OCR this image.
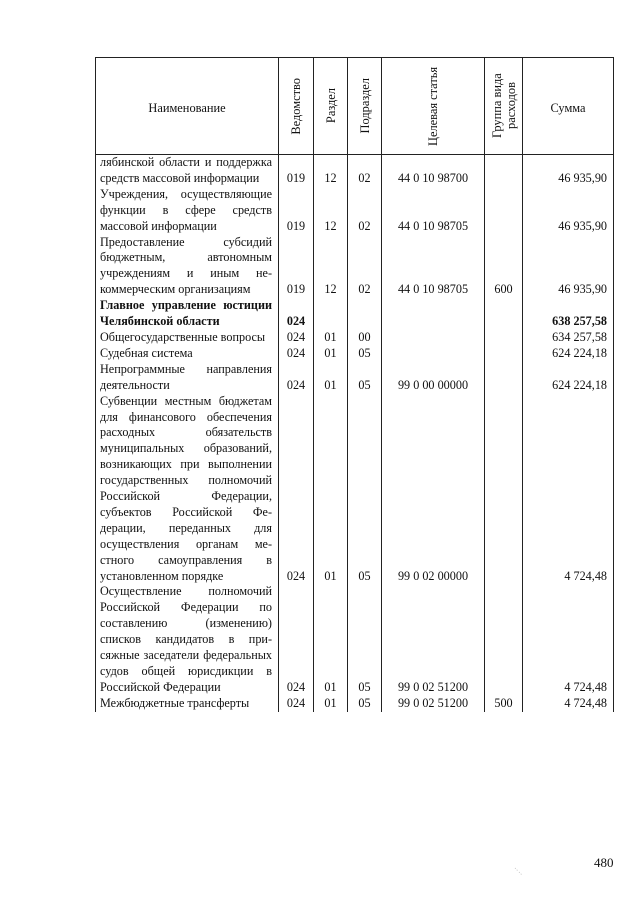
Наименование	Ведомство	Раздел	Подраздел	Целевая статья	Группа вида расходов	Сумма
лябинской области и поддержка средств массовой информации	019	12	02	44 0 10 98700		46 935,90
Учреждения, осуществляющие функции в сфере средств массовой информации	019	12	02	44 0 10 98705		46 935,90
Предоставление субсидий бюджетным, автономным учреждениям и иным некоммерческим организациям	019	12	02	44 0 10 98705	600	46 935,90
Главное управление юстиции Челябинской области	024					638 257,58
Общегосударственные вопросы	024	01	00			634 257,58
Судебная система	024	01	05			624 224,18
Непрограммные направления деятельности	024	01	05	99 0 00 00000		624 224,18
Субвенции местным бюджетам для финансового обеспечения расходных обязательств муниципальных образований, возникающих при выполнении государственных полномочий Российской Федерации, субъектов Российской Федерации, переданных для осуществления органам местного самоуправления в установленном порядке	024	01	05	99 0 02 00000		4 724,48
Осуществление полномочий Российской Федерации по составлению (изменению) списков кандидатов в присяжные заседатели федеральных судов общей юрисдикции в Российской Федерации	024	01	05	99 0 02 51200		4 724,48
Межбюджетные трансферты	024	01	05	99 0 02 51200	500	4 724,48
480
